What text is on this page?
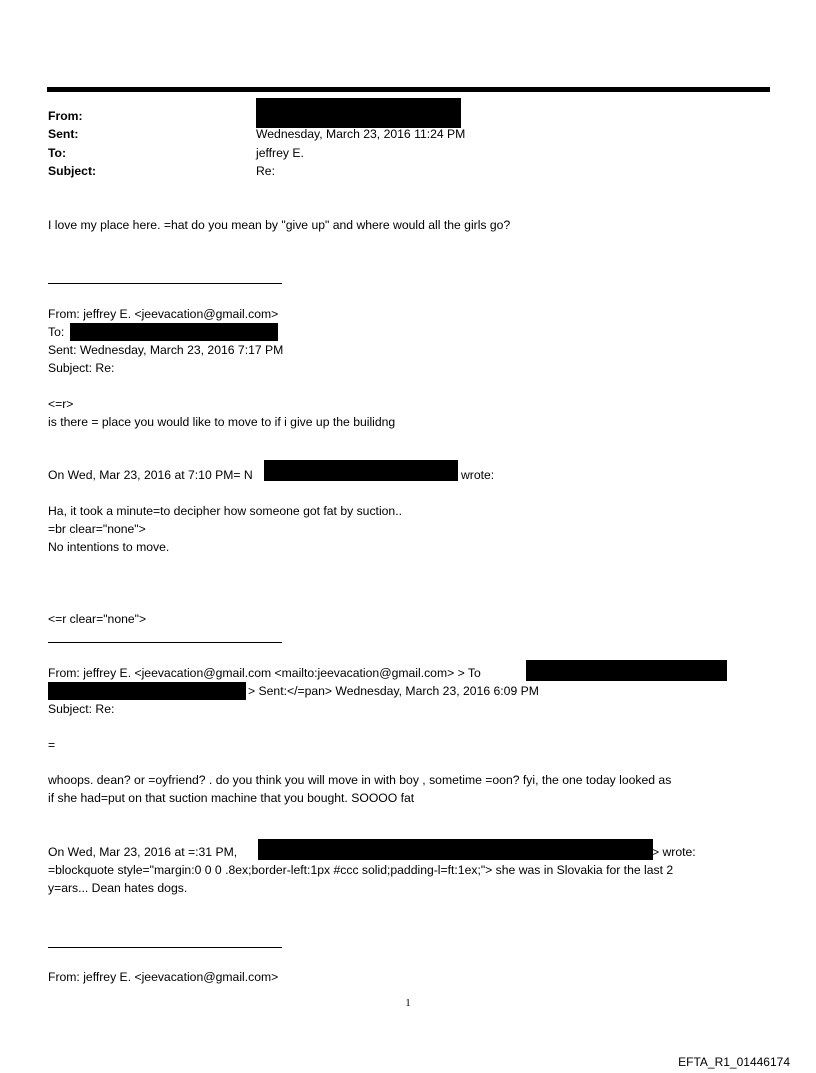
From:
Sent:	Wednesday, March 23, 2016 11:24 PM
To:	jeffrey E.
Subject:	Re:
I love my place here. =hat do you mean by "give up" and where would all the girls go?
From: jeffrey E. <jeevacation@gmail.com>
To:
Sent: Wednesday, March 23, 2016 7:17 PM
Subject: Re:
<=r>
is there = place you would like to move to if i give up the builidng
On Wed, Mar 23, 2016 at 7:10 PM= N	wrote:
Ha, it took a minute=to decipher how someone got fat by suction..
=br clear="none">
No intentions to move.
<=r clear="none">
From: jeffrey E. <jeevacation@gmail.com <mailto:jeevacation@gmail.com> > To
> Sent:</=pan> Wednesday, March 23, 2016 6:09 PM
Subject: Re:
=
whoops. dean? or =oyfriend? . do you think you will move in with boy , sometime =oon? fyi, the one today looked as
if she had=put on that suction machine that you bought. SOOOO fat
On Wed, Mar 23, 2016 at =:31 PM,	> wrote:
=blockquote style="margin:0 0 0 .8ex;border-left:1px #ccc solid;padding-l=ft:1ex;"> she was in Slovakia for the last 2
y=ars... Dean hates dogs.
From: jeffrey E. <jeevacation@gmail.com>
1
EFTA_R1_01446174
